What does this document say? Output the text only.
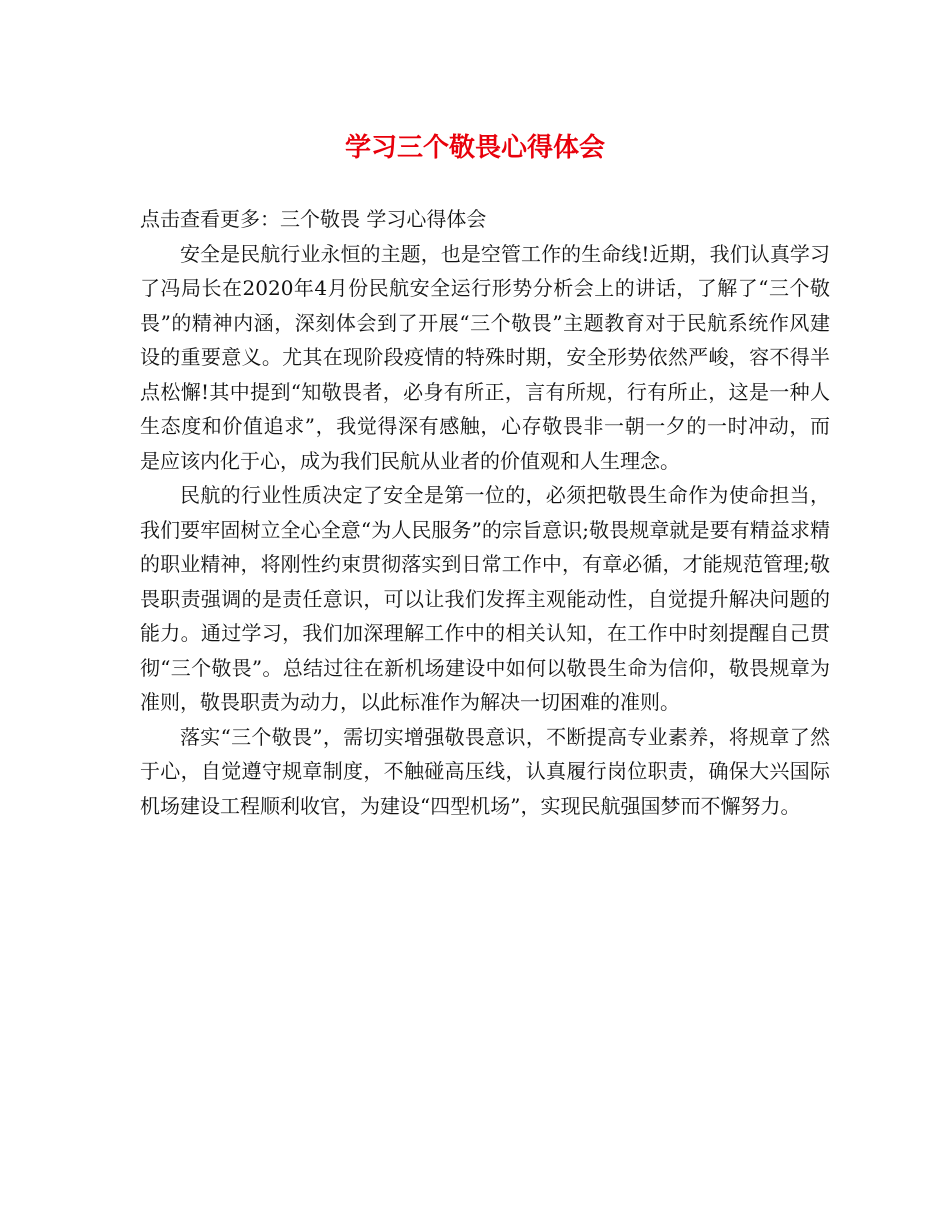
学习三个敬畏心得体会

点击查看更多：三个敬畏 学习心得体会

安全是民航行业永恒的主题，也是空管工作的生命线!近期，我们认真学习了冯局长在2020年4月份民航安全运行形势分析会上的讲话，了解了“三个敬畏”的精神内涵，深刻体会到了开展“三个敬畏”主题教育对于民航系统作风建设的重要意义。尤其在现阶段疫情的特殊时期，安全形势依然严峻，容不得半点松懈!其中提到“知敬畏者，必身有所正，言有所规，行有所止，这是一种人生态度和价值追求”，我觉得深有感触，心存敬畏非一朝一夕的一时冲动，而是应该内化于心，成为我们民航从业者的价值观和人生理念。

民航的行业性质决定了安全是第一位的，必须把敬畏生命作为使命担当，我们要牢固树立全心全意“为人民服务”的宗旨意识;敬畏规章就是要有精益求精的职业精神，将刚性约束贯彻落实到日常工作中，有章必循，才能规范管理;敬畏职责强调的是责任意识，可以让我们发挥主观能动性，自觉提升解决问题的能力。通过学习，我们加深理解工作中的相关认知，在工作中时刻提醒自己贯彻“三个敬畏”。总结过往在新机场建设中如何以敬畏生命为信仰，敬畏规章为准则，敬畏职责为动力，以此标准作为解决一切困难的准则。

落实“三个敬畏”，需切实增强敬畏意识，不断提高专业素养，将规章了然于心，自觉遵守规章制度，不触碰高压线，认真履行岗位职责，确保大兴国际机场建设工程顺利收官，为建设“四型机场”，实现民航强国梦而不懈努力。
